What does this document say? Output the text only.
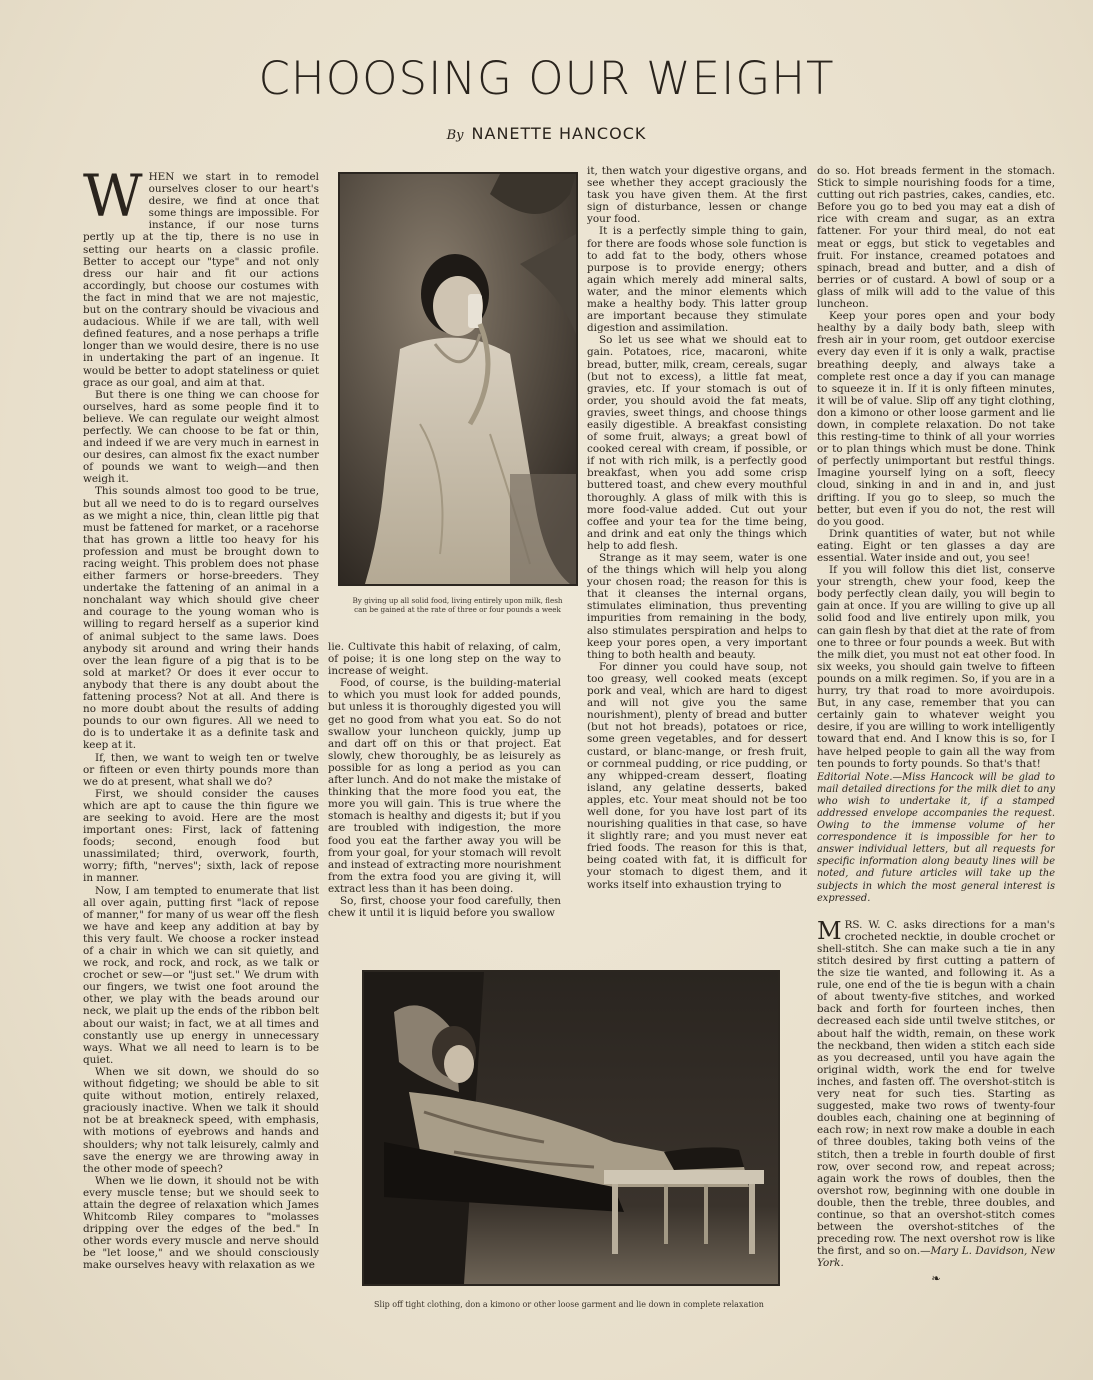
CHOOSING OUR WEIGHT
By NANETTE HANCOCK

WHEN we start in to remodel ourselves closer to our heart's desire, we find at once that some things are impossible. For instance, if our nose turns pertly up at the tip, there is no use in setting our hearts on a classic profile. Better to accept our "type" and not only dress our hair and fit our actions accordingly, but choose our costumes with the fact in mind that we are not majestic, but on the contrary should be vivacious and audacious. While if we are tall, with well defined features, and a nose perhaps a trifle longer than we would desire, there is no use in undertaking the part of an ingenue. It would be better to adopt stateliness or quiet grace as our goal, and aim at that.

But there is one thing we can choose for ourselves, hard as some people find it to believe. We can regulate our weight almost perfectly. We can choose to be fat or thin, and indeed if we are very much in earnest in our desires, can almost fix the exact number of pounds we want to weigh—and then weigh it.

This sounds almost too good to be true, but all we need to do is to regard ourselves as we might a nice, thin, clean little pig that must be fattened for market, or a racehorse that has grown a little too heavy for his profession and must be brought down to racing weight. This problem does not phase either farmers or horse-breeders. They undertake the fattening of an animal in a nonchalant way which should give cheer and courage to the young woman who is willing to regard herself as a superior kind of animal subject to the same laws. Does anybody sit around and wring their hands over the lean figure of a pig that is to be sold at market? Or does it ever occur to anybody that there is any doubt about the fattening process? Not at all. And there is no more doubt about the results of adding pounds to our own figures. All we need to do is to undertake it as a definite task and keep at it.

If, then, we want to weigh ten or twelve or fifteen or even thirty pounds more than we do at present, what shall we do?

First, we should consider the causes which are apt to cause the thin figure we are seeking to avoid. Here are the most important ones: First, lack of fattening foods; second, enough food but unassimilated; third, overwork, fourth, worry; fifth, "nerves"; sixth, lack of repose in manner.

Now, I am tempted to enumerate that list all over again, putting first "lack of repose of manner," for many of us wear off the flesh we have and keep any addition at bay by this very fault. We choose a rocker instead of a chair in which we can sit quietly, and we rock, and rock, and rock, as we talk or crochet or sew—or "just set." We drum with our fingers, we twist one foot around the other, we play with the beads around our neck, we plait up the ends of the ribbon belt about our waist; in fact, we at all times and constantly use up energy in unnecessary ways. What we all need to learn is to be quiet.

When we sit down, we should do so without fidgeting; we should be able to sit quite without motion, entirely relaxed, graciously inactive. When we talk it should not be at breakneck speed, with emphasis, with motions of eyebrows and hands and shoulders; why not talk leisurely, calmly and save the energy we are throwing away in the other mode of speech?

When we lie down, it should not be with every muscle tense; but we should seek to attain the degree of relaxation which James Whitcomb Riley compares to "molasses dripping over the edges of the bed." In other words every muscle and nerve should be "let loose," and we should consciously make ourselves heavy with relaxation as we

By giving up all solid food, living entirely upon milk, flesh can be gained at the rate of three or four pounds a week

lie. Cultivate this habit of relaxing, of calm, of poise; it is one long step on the way to increase of weight.

Food, of course, is the building-material to which you must look for added pounds, but unless it is thoroughly digested you will get no good from what you eat. So do not swallow your luncheon quickly, jump up and dart off on this or that project. Eat slowly, chew thoroughly, be as leisurely as possible for as long a period as you can after lunch. And do not make the mistake of thinking that the more food you eat, the more you will gain. This is true where the stomach is healthy and digests it; but if you are troubled with indigestion, the more food you eat the farther away you will be from your goal, for your stomach will revolt and instead of extracting more nourishment from the extra food you are giving it, will extract less than it has been doing.

So, first, choose your food carefully, then chew it until it is liquid before you swallow

it, then watch your digestive organs, and see whether they accept graciously the task you have given them. At the first sign of disturbance, lessen or change your food.

It is a perfectly simple thing to gain, for there are foods whose sole function is to add fat to the body, others whose purpose is to provide energy; others again which merely add mineral salts, water, and the minor elements which make a healthy body. This latter group are important because they stimulate digestion and assimilation.

So let us see what we should eat to gain. Potatoes, rice, macaroni, white bread, butter, milk, cream, cereals, sugar (but not to excess), a little fat meat, gravies, etc. If your stomach is out of order, you should avoid the fat meats, gravies, sweet things, and choose things easily digestible. A breakfast consisting of some fruit, always; a great bowl of cooked cereal with cream, if possible, or if not with rich milk, is a perfectly good breakfast, when you add some crisp buttered toast, and chew every mouthful thoroughly. A glass of milk with this is more food-value added. Cut out your coffee and your tea for the time being, and drink and eat only the things which help to add flesh.

Strange as it may seem, water is one of the things which will help you along your chosen road; the reason for this is that it cleanses the internal organs, stimulates elimination, thus preventing impurities from remaining in the body, also stimulates perspiration and helps to keep your pores open, a very important thing to both health and beauty.

For dinner you could have soup, not too greasy, well cooked meats (except pork and veal, which are hard to digest and will not give you the same nourishment), plenty of bread and butter (but not hot breads), potatoes or rice, some green vegetables, and for dessert custard, or blanc-mange, or fresh fruit, or cornmeal pudding, or rice pudding, or any whipped-cream dessert, floating island, any gelatine desserts, baked apples, etc. Your meat should not be too well done, for you have lost part of its nourishing qualities in that case, so have it slightly rare; and you must never eat fried foods. The reason for this is that, being coated with fat, it is difficult for your stomach to digest them, and it works itself into exhaustion trying to

do so. Hot breads ferment in the stomach. Stick to simple nourishing foods for a time, cutting out rich pastries, cakes, candies, etc. Before you go to bed you may eat a dish of rice with cream and sugar, as an extra fattener. For your third meal, do not eat meat or eggs, but stick to vegetables and fruit. For instance, creamed potatoes and spinach, bread and butter, and a dish of berries or of custard. A bowl of soup or a glass of milk will add to the value of this luncheon.

Keep your pores open and your body healthy by a daily body bath, sleep with fresh air in your room, get outdoor exercise every day even if it is only a walk, practise breathing deeply, and always take a complete rest once a day if you can manage to squeeze it in. If it is only fifteen minutes, it will be of value. Slip off any tight clothing, don a kimono or other loose garment and lie down, in complete relaxation. Do not take this resting-time to think of all your worries or to plan things which must be done. Think of perfectly unimportant but restful things. Imagine yourself lying on a soft, fleecy cloud, sinking in and in and in, and just drifting. If you go to sleep, so much the better, but even if you do not, the rest will do you good.

Drink quantities of water, but not while eating. Eight or ten glasses a day are essential. Water inside and out, you see!

If you will follow this diet list, conserve your strength, chew your food, keep the body perfectly clean daily, you will begin to gain at once. If you are willing to give up all solid food and live entirely upon milk, you can gain flesh by that diet at the rate of from one to three or four pounds a week. But with the milk diet, you must not eat other food. In six weeks, you should gain twelve to fifteen pounds on a milk regimen. So, if you are in a hurry, try that road to more avoirdupois. But, in any case, remember that you can certainly gain to whatever weight you desire, if you are willing to work intelligently toward that end. And I know this is so, for I have helped people to gain all the way from ten pounds to forty pounds. So that's that!

Editorial Note.—Miss Hancock will be glad to mail detailed directions for the milk diet to any who wish to undertake it, if a stamped addressed envelope accompanies the request. Owing to the immense volume of her correspondence it is impossible for her to answer individual letters, but all requests for specific information along beauty lines will be noted, and future articles will take up the subjects in which the most general interest is expressed.

MRS. W. C. asks directions for a man's crocheted necktie, in double crochet or shell-stitch. She can make such a tie in any stitch desired by first cutting a pattern of the size tie wanted, and following it. As a rule, one end of the tie is begun with a chain of about twenty-five stitches, and worked back and forth for fourteen inches, then decreased each side until twelve stitches, or about half the width, remain, on these work the neckband, then widen a stitch each side as you decreased, until you have again the original width, work the end for twelve inches, and fasten off. The overshot-stitch is very neat for such ties. Starting as suggested, make two rows of twenty-four doubles each, chaining one at beginning of each row; in next row make a double in each of three doubles, taking both veins of the stitch, then a treble in fourth double of first row, over second row, and repeat across; again work the rows of doubles, then the overshot row, beginning with one double in double, then the treble, three doubles, and continue, so that an overshot-stitch comes between the overshot-stitches of the preceding row. The next overshot row is like the first, and so on.—Mary L. Davidson, New York.

❧
Slip off tight clothing, don a kimono or other loose garment and lie down in complete relaxation
